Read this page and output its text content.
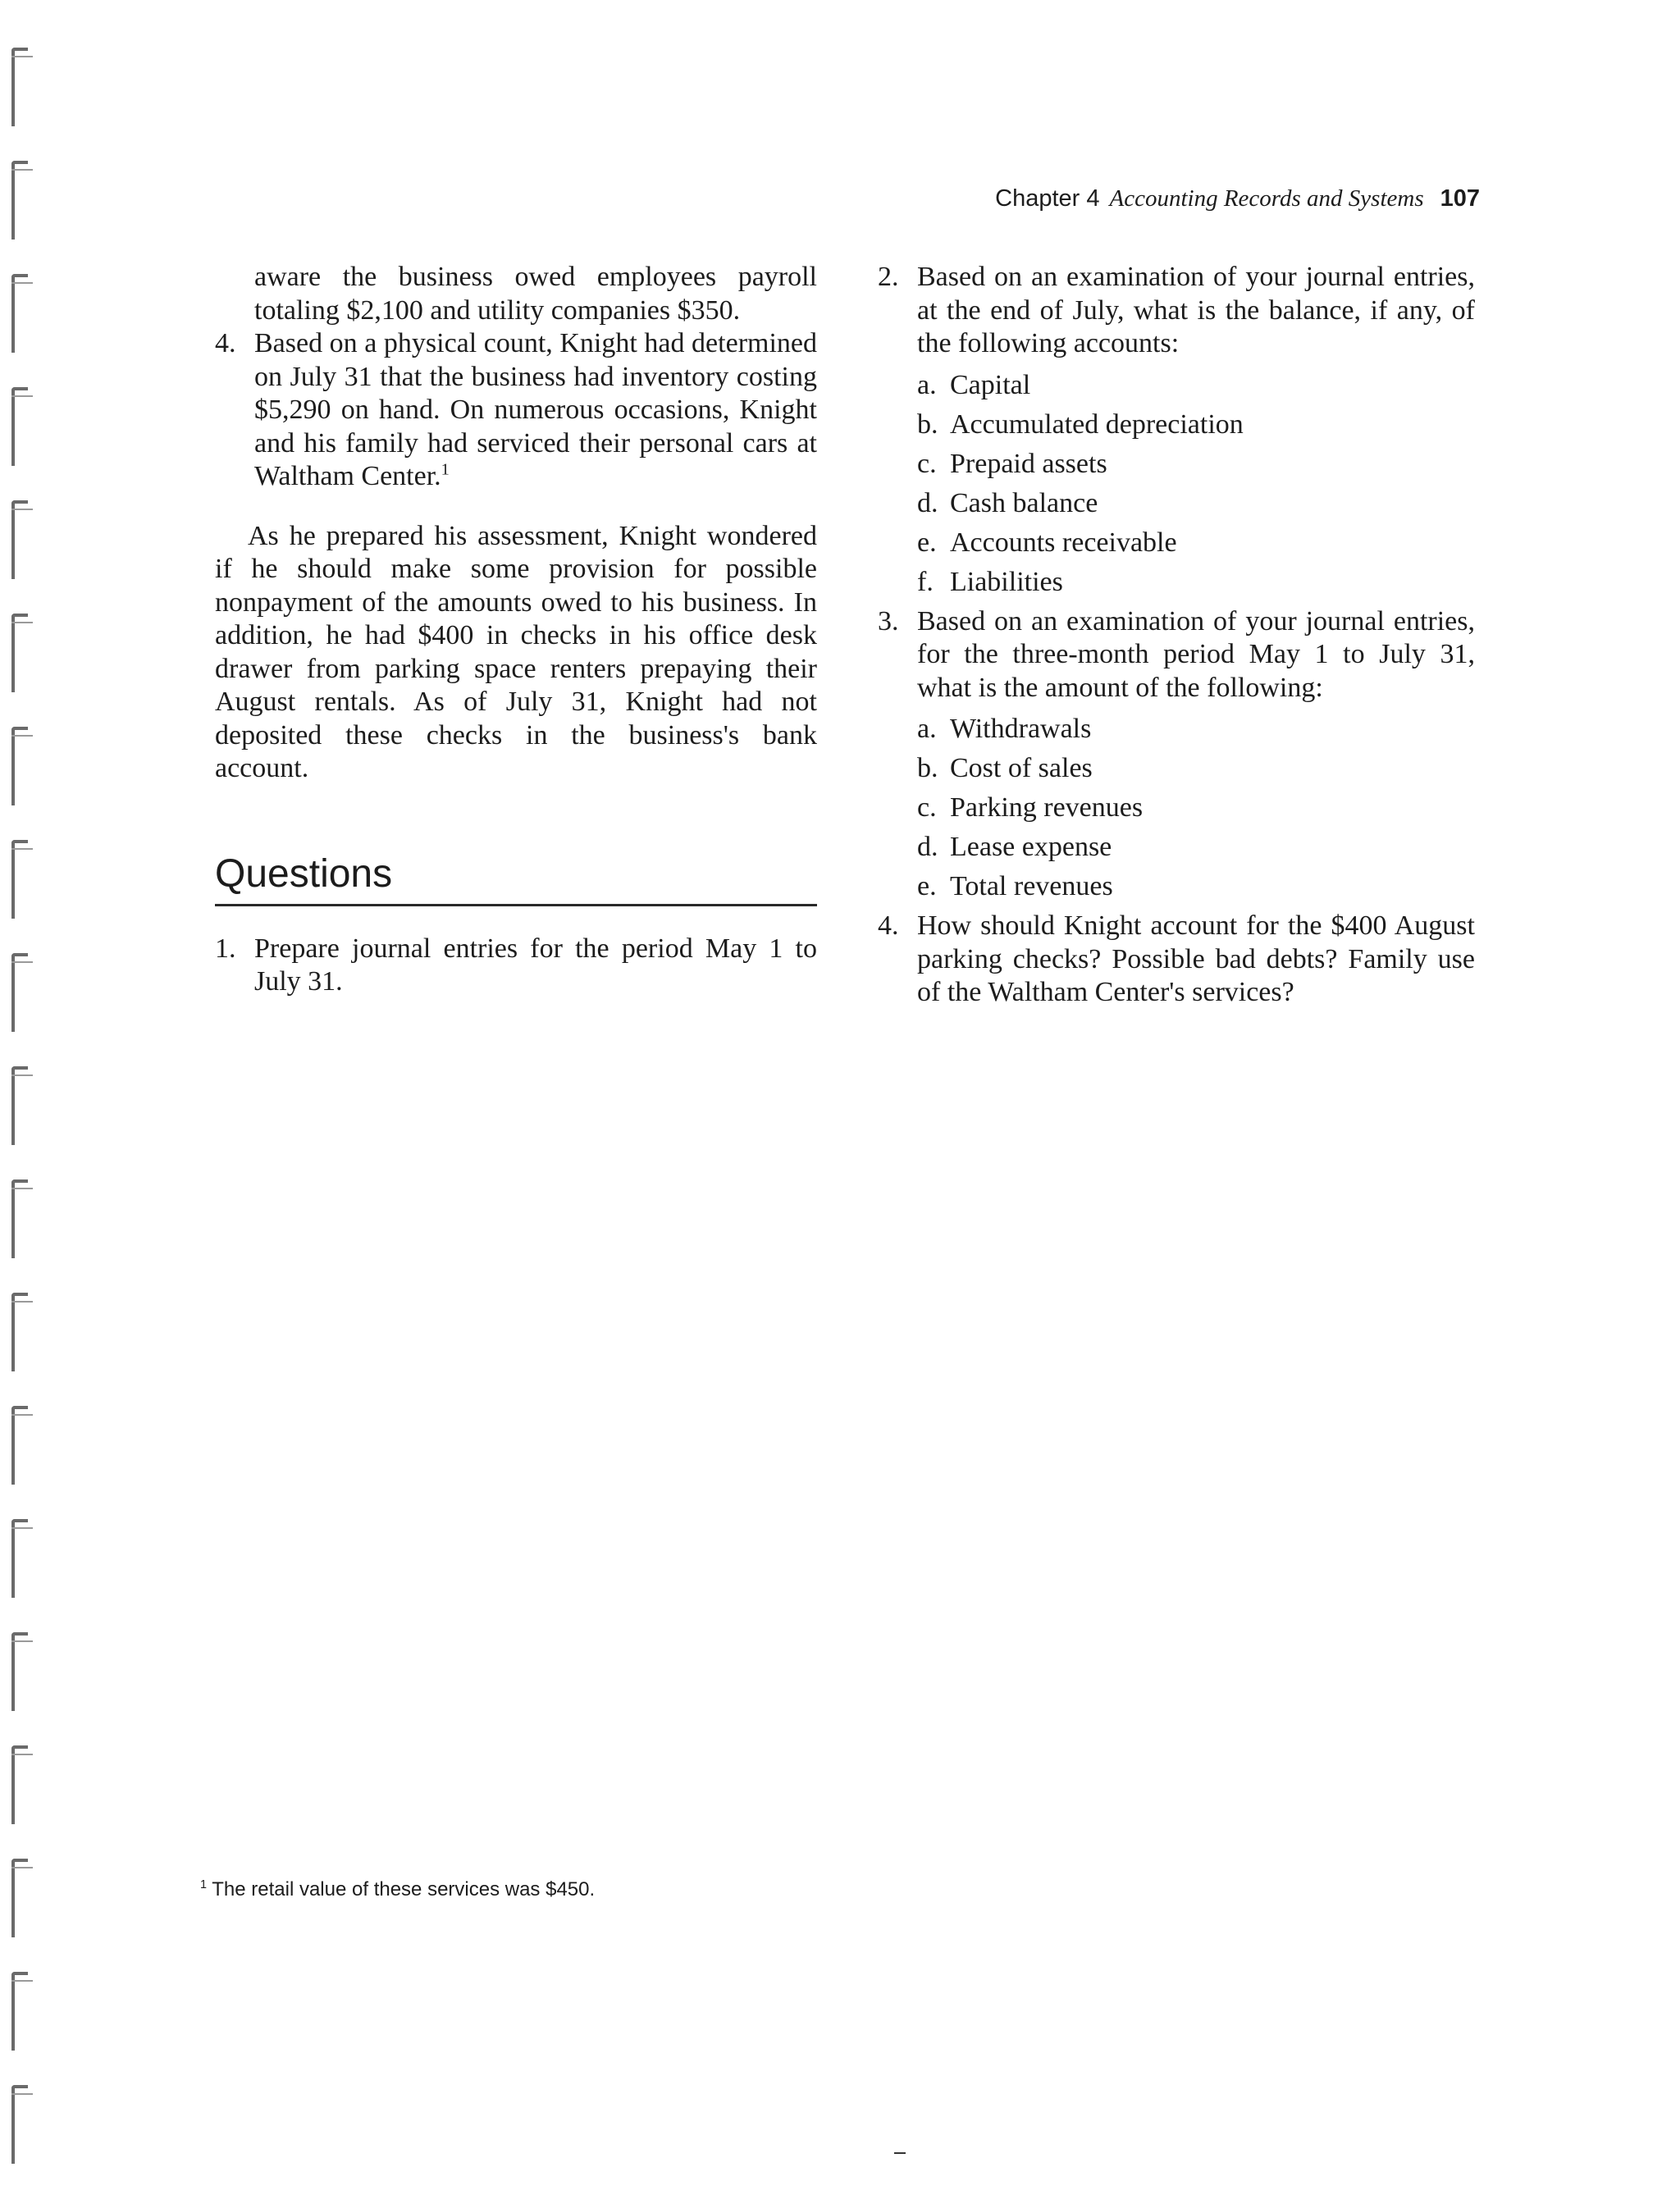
Chapter 4 Accounting Records and Systems 107

aware the business owed employees payroll totaling $2,100 and utility companies $350.

4. Based on a physical count, Knight had determined on July 31 that the business had inventory costing $5,290 on hand. On numerous occasions, Knight and his family had serviced their personal cars at Waltham Center.$^1$

As he prepared his assessment, Knight wondered if he should make some provision for possible nonpayment of the amounts owed to his business. In addition, he had $400 in checks in his office desk drawer from parking space renters prepaying their August rentals. As of July 31, Knight had not deposited these checks in the business's bank account.

Questions
1. Prepare journal entries for the period May 1 to July 31.
2. Based on an examination of your journal entries, at the end of July, what is the balance, if any, of the following accounts:
a. Capital
b. Accumulated depreciation
c. Prepaid assets
d. Cash balance
e. Accounts receivable
f. Liabilities
3. Based on an examination of your journal entries, for the three-month period May 1 to July 31, what is the amount of the following:
a. Withdrawals
b. Cost of sales
c. Parking revenues
d. Lease expense
e. Total revenues
4. How should Knight account for the $400 August parking checks? Possible bad debts? Family use of the Waltham Center's services?
$^1$ The retail value of these services was $450.
